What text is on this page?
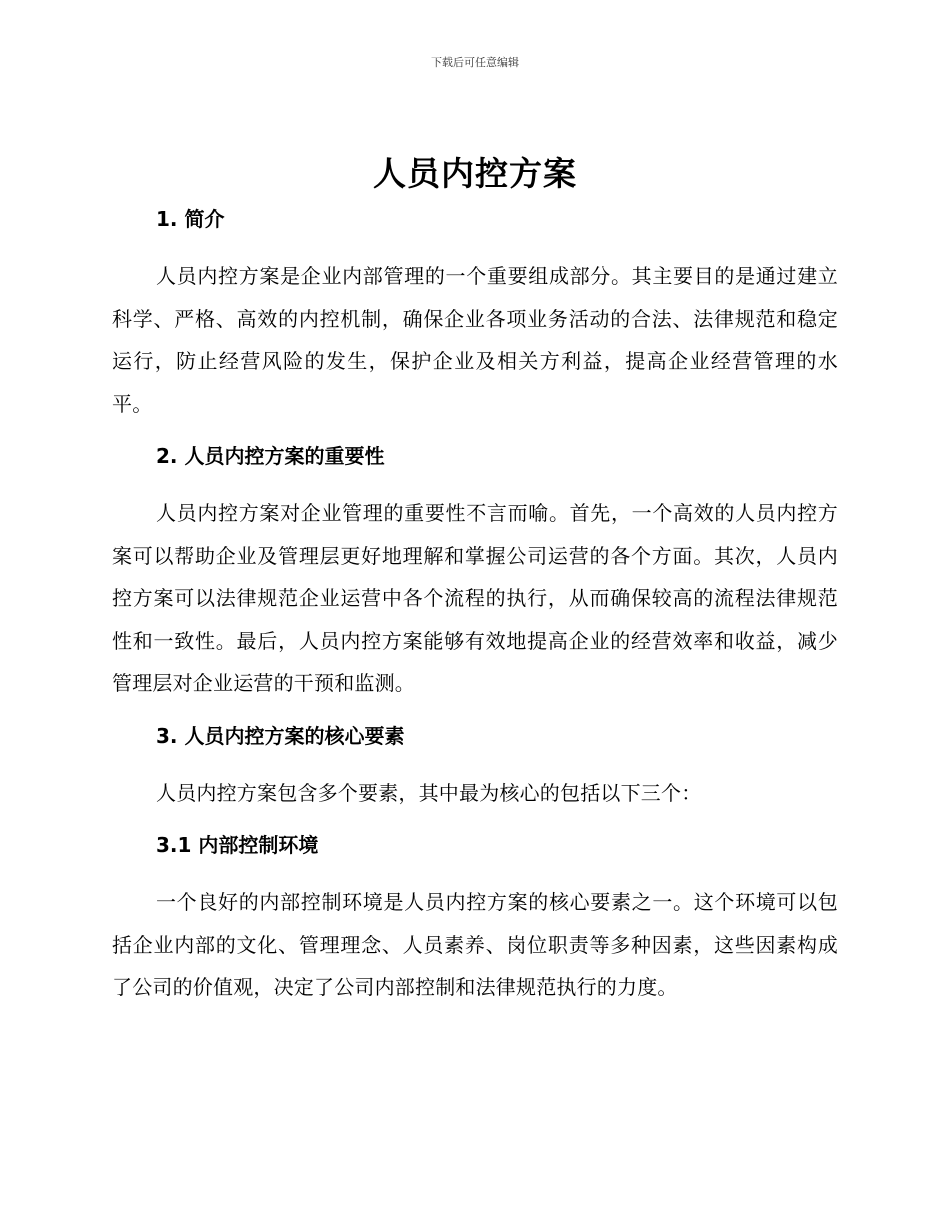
下载后可任意编辑
人员内控方案
1. 简介

人员内控方案是企业内部管理的一个重要组成部分。其主要目的是通过建立科学、严格、高效的内控机制，确保企业各项业务活动的合法、法律规范和稳定运行，防止经营风险的发生，保护企业及相关方利益，提高企业经营管理的水平。

2. 人员内控方案的重要性

人员内控方案对企业管理的重要性不言而喻。首先，一个高效的人员内控方案可以帮助企业及管理层更好地理解和掌握公司运营的各个方面。其次，人员内控方案可以法律规范企业运营中各个流程的执行，从而确保较高的流程法律规范性和一致性。最后，人员内控方案能够有效地提高企业的经营效率和收益，减少管理层对企业运营的干预和监测。

3. 人员内控方案的核心要素

人员内控方案包含多个要素，其中最为核心的包括以下三个：

3.1 内部控制环境

一个良好的内部控制环境是人员内控方案的核心要素之一。这个环境可以包括企业内部的文化、管理理念、人员素养、岗位职责等多种因素，这些因素构成了公司的价值观，决定了公司内部控制和法律规范执行的力度。
